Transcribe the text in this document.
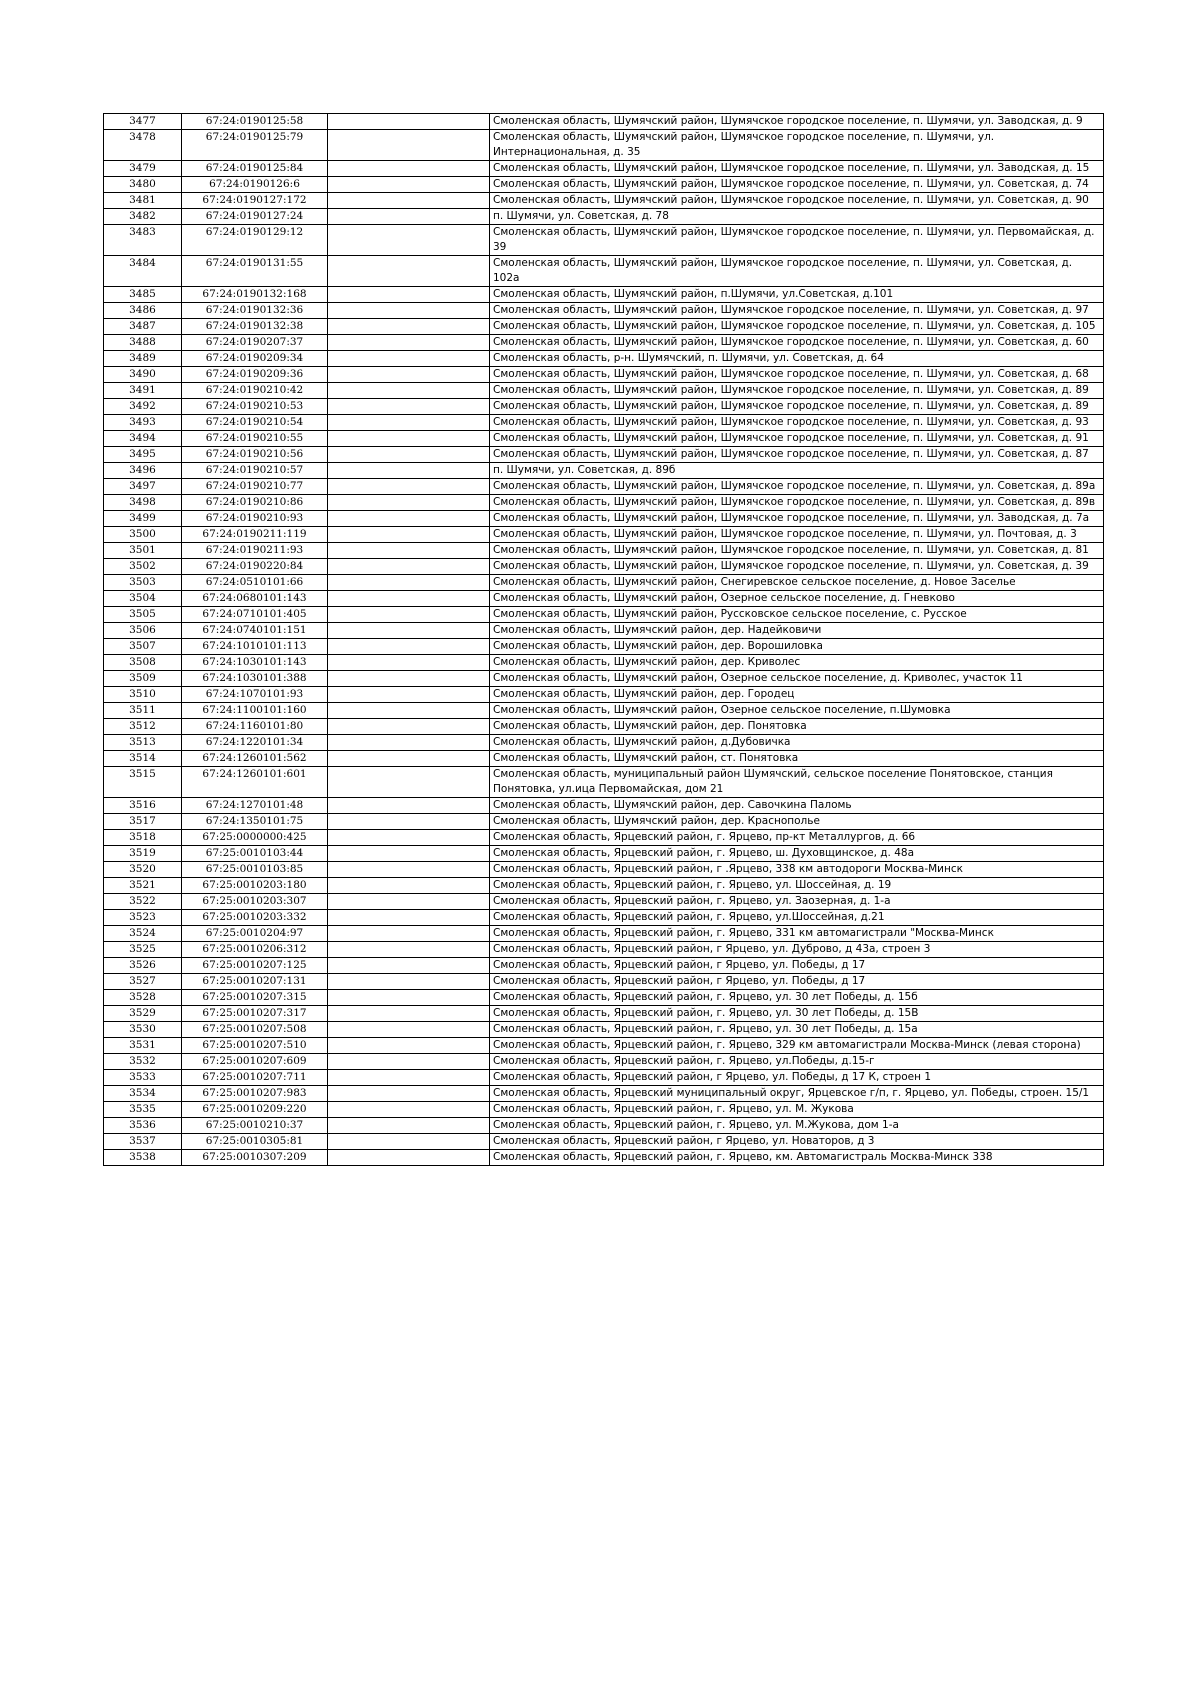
3477	67:24:0190125:58		Смоленская область, Шумячский район, Шумячское городское поселение, п. Шумячи, ул. Заводская, д. 9
3478	67:24:0190125:79		Смоленская область, Шумячский район, Шумячское городское поселение, п. Шумячи, ул. Интернациональная, д. 35
3479	67:24:0190125:84		Смоленская область, Шумячский район, Шумячское городское поселение, п. Шумячи, ул. Заводская, д. 15
3480	67:24:0190126:6		Смоленская область, Шумячский район, Шумячское городское поселение, п. Шумячи, ул. Советская, д. 74
3481	67:24:0190127:172		Смоленская область, Шумячский район, Шумячское городское поселение, п. Шумячи, ул. Советская, д. 90
3482	67:24:0190127:24		п. Шумячи, ул. Советская, д. 78
3483	67:24:0190129:12		Смоленская область, Шумячский район, Шумячское городское поселение, п. Шумячи, ул. Первомайская, д. 39
3484	67:24:0190131:55		Смоленская область, Шумячский район, Шумячское городское поселение, п. Шумячи, ул. Советская, д. 102а
3485	67:24:0190132:168		Смоленская область, Шумячский район, п.Шумячи, ул.Советская, д.101
3486	67:24:0190132:36		Смоленская область, Шумячский район, Шумячское городское поселение, п. Шумячи, ул. Советская, д. 97
3487	67:24:0190132:38		Смоленская область, Шумячский район, Шумячское городское поселение, п. Шумячи, ул. Советская, д. 105
3488	67:24:0190207:37		Смоленская область, Шумячский район, Шумячское городское поселение, п. Шумячи, ул. Советская, д. 60
3489	67:24:0190209:34		Смоленская область, р-н. Шумячский, п. Шумячи, ул. Советская, д. 64
3490	67:24:0190209:36		Смоленская область, Шумячский район, Шумячское городское поселение, п. Шумячи, ул. Советская, д. 68
3491	67:24:0190210:42		Смоленская область, Шумячский район, Шумячское городское поселение, п. Шумячи, ул. Советская, д. 89
3492	67:24:0190210:53		Смоленская область, Шумячский район, Шумячское городское поселение, п. Шумячи, ул. Советская, д. 89
3493	67:24:0190210:54		Смоленская область, Шумячский район, Шумячское городское поселение, п. Шумячи, ул. Советская, д. 93
3494	67:24:0190210:55		Смоленская область, Шумячский район, Шумячское городское поселение, п. Шумячи, ул. Советская, д. 91
3495	67:24:0190210:56		Смоленская область, Шумячский район, Шумячское городское поселение, п. Шумячи, ул. Советская, д. 87
3496	67:24:0190210:57		п. Шумячи, ул. Советская, д. 89б
3497	67:24:0190210:77		Смоленская область, Шумячский район, Шумячское городское поселение, п. Шумячи, ул. Советская, д. 89а
3498	67:24:0190210:86		Смоленская область, Шумячский район, Шумячское городское поселение, п. Шумячи, ул. Советская, д. 89в
3499	67:24:0190210:93		Смоленская область, Шумячский район, Шумячское городское поселение, п. Шумячи, ул. Заводская, д. 7а
3500	67:24:0190211:119		Смоленская область, Шумячский район, Шумячское городское поселение, п. Шумячи, ул. Почтовая, д. 3
3501	67:24:0190211:93		Смоленская область, Шумячский район, Шумячское городское поселение, п. Шумячи, ул. Советская, д. 81
3502	67:24:0190220:84		Смоленская область, Шумячский район, Шумячское городское поселение, п. Шумячи, ул. Советская, д. 39
3503	67:24:0510101:66		Смоленская область, Шумячский район, Снегиревское сельское поселение, д. Новое Заселье
3504	67:24:0680101:143		Смоленская область, Шумячский район, Озерное сельское поселение, д. Гневково
3505	67:24:0710101:405		Смоленская область, Шумячский район, Руссковское сельское поселение, с. Русское
3506	67:24:0740101:151		Смоленская область, Шумячский район, дер. Надейковичи
3507	67:24:1010101:113		Смоленская область, Шумячский район, дер. Ворошиловка
3508	67:24:1030101:143		Смоленская область, Шумячский район, дер. Криволес
3509	67:24:1030101:388		Смоленская область, Шумячский район, Озерное сельское поселение, д. Криволес, участок 11
3510	67:24:1070101:93		Смоленская область, Шумячский район, дер. Городец
3511	67:24:1100101:160		Смоленская область, Шумячский район, Озерное сельское поселение, п.Шумовка
3512	67:24:1160101:80		Смоленская область, Шумячский район, дер. Понятовка
3513	67:24:1220101:34		Смоленская область, Шумячский район, д.Дубовичка
3514	67:24:1260101:562		Смоленская область, Шумячский район, ст. Понятовка
3515	67:24:1260101:601		Смоленская область, муниципальный район Шумячский, сельское поселение Понятовское, станция Понятовка, ул.ица Первомайская, дом 21
3516	67:24:1270101:48		Смоленская область, Шумячский район, дер. Савочкина Паломь
3517	67:24:1350101:75		Смоленская область, Шумячский район, дер. Краснополье
3518	67:25:0000000:425		Смоленская область, Ярцевский район, г. Ярцево, пр-кт Металлургов, д. 66
3519	67:25:0010103:44		Смоленская область, Ярцевский район, г. Ярцево, ш. Духовщинское, д. 48а
3520	67:25:0010103:85		Смоленская область, Ярцевский район, г .Ярцево, 338 км автодороги Москва-Минск
3521	67:25:0010203:180		Смоленская область, Ярцевский район, г. Ярцево, ул. Шоссейная, д. 19
3522	67:25:0010203:307		Смоленская область, Ярцевский район, г. Ярцево, ул. Заозерная, д. 1-а
3523	67:25:0010203:332		Смоленская область, Ярцевский район, г. Ярцево, ул.Шоссейная, д.21
3524	67:25:0010204:97		Смоленская область, Ярцевский район, г. Ярцево, 331 км автомагистрали "Москва-Минск
3525	67:25:0010206:312		Смоленская область, Ярцевский район, г Ярцево, ул. Дуброво, д 43а, строен 3
3526	67:25:0010207:125		Смоленская область, Ярцевский район, г Ярцево, ул. Победы, д 17
3527	67:25:0010207:131		Смоленская область, Ярцевский район, г Ярцево, ул. Победы, д 17
3528	67:25:0010207:315		Смоленская область, Ярцевский район, г. Ярцево, ул. 30 лет Победы, д. 15б
3529	67:25:0010207:317		Смоленская область, Ярцевский район, г. Ярцево, ул. 30 лет Победы, д. 15В
3530	67:25:0010207:508		Смоленская область, Ярцевский район, г. Ярцево, ул. 30 лет Победы, д. 15а
3531	67:25:0010207:510		Смоленская область, Ярцевский район, г. Ярцево, 329 км автомагистрали Москва-Минск (левая сторона)
3532	67:25:0010207:609		Смоленская область, Ярцевский район, г. Ярцево, ул.Победы, д.15-г
3533	67:25:0010207:711		Смоленская область, Ярцевский район, г Ярцево, ул. Победы, д 17 К, строен 1
3534	67:25:0010207:983		Смоленская область, Ярцевский муниципальный округ, Ярцевское г/п, г. Ярцево, ул. Победы, строен. 15/1
3535	67:25:0010209:220		Смоленская область, Ярцевский район, г. Ярцево, ул. М. Жукова
3536	67:25:0010210:37		Смоленская область, Ярцевский район, г. Ярцево, ул. М.Жукова, дом 1-а
3537	67:25:0010305:81		Смоленская область, Ярцевский район, г Ярцево, ул. Новаторов, д 3
3538	67:25:0010307:209		Смоленская область, Ярцевский район, г. Ярцево, км. Автомагистраль Москва-Минск 338
